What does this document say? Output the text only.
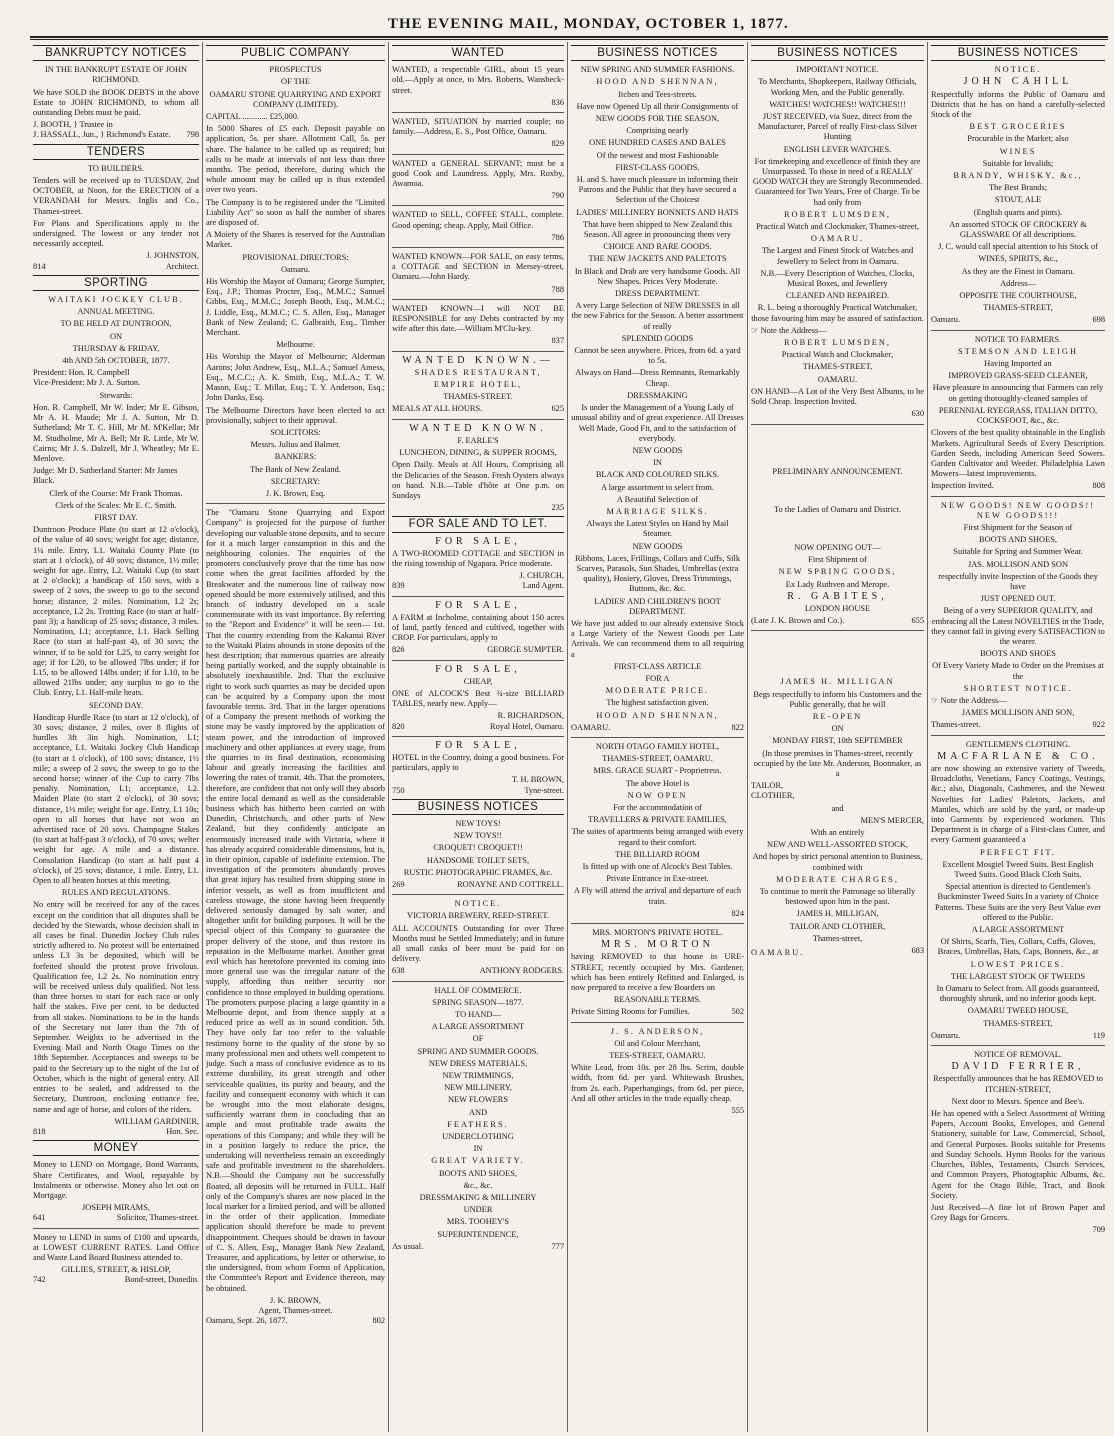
THE EVENING MAIL, MONDAY, OCTOBER 1, 1877.
BANKRUPTCY NOTICES
IN THE BANKRUPT ESTATE OF JOHN RICHMOND.

We have SOLD the BOOK DEBTS in the above Estate to JOHN RICHMOND, to whom all outstanding Debts must be paid.

J. BOOTH, } Trustee in
J. HASSALL, Jun., } Richmond's Estate. 798
TENDERS
TO BUILDERS.

Tenders will be received up to TUESDAY, 2nd OCTOBER, at Noon, for the ERECTION of a VERANDAH for Messrs. Inglis and Co., Thames-street.

For Plans and Specifications apply to the undersigned. The lowest or any tender not necessarily accepted.

J. JOHNSTON,
814	Architect.
SPORTING
WAITAKI JOCKEY CLUB.
ANNUAL MEETING.
TO BE HELD AT DUNTROON,
ON
THURSDAY & FRIDAY,
4th AND 5th OCTOBER, 1877.
President: Hon. R. Campbell
Vice-President: Mr J. A. Sutton.
Stewards:

Hon. R. Campbell, Mr W. Inder; Mr E. Gibson, Mr A. H. Maude; Mr J. A. Sutton, Mr D. Sutherland; Mr T. C. Hill, Mr M. M'Kellar; Mr M. Studholme, Mr A. Bell; Mr R. Little, Mr W. Cairns; Mr J. S. Dalzell, Mr J. Wheatley; Mr E. Menlove.

Judge: Mr D. Sutherland Starter: Mr James Black.
Clerk of the Course: Mr Frank Thomas.
Clerk of the Scales: Mr E. C. Smith.
FIRST DAY.

Duntroon Produce Plate (to start at 12 o'clock), of the value of 40 sovs; weight for age; distance, 1¼ mile. Entry, L1. Waitaki County Plate (to start at 1 o'clock), of 40 sovs; distance, 1½ mile; weight for age. Entry, L2. Waitaki Cup (to start at 2 o'clock); a handicap of 150 sovs, with a sweep of 2 sovs, the sweep to go to the second horse; distance, 2 miles. Nomination, L2 2s; acceptance, L2 2s. Trotting Race (to start at half-past 3); a handicap of 25 sovs; distance, 3 miles. Nomination, L1; acceptance, L1. Hack Selling Race (to start at half-past 4), of 30 sovs; the winner, if to be sold for L25, to carry weight for age; if for L20, to be allowed 7lbs under; if for L15, to be allowed 14lbs under; if for L10, to be allowed 21lbs under; any surplus to go to the Club. Entry, L1. Half-mile heats.

SECOND DAY.

Handicap Hurdle Race (to start at 12 o'clock), of 30 sovs; distance, 2 miles, over 8 flights of hurdles 3ft 3in high. Nomination, L1; acceptance, L1. Waitaki Jockey Club Handicap (to start at 1 o'clock), of 100 sovs; distance, 1½ mile; a sweep of 2 sovs, the sweep to go to the second horse; winner of the Cup to carry 7lbs penalty. Nomination, L1; acceptance, L2. Maiden Plate (to start 2 o'clock), of 30 sovs; distance, 1½ mile; weight for age. Entry, L1 10s; open to all horses that have not won an advertised race of 20 sovs. Champagne Stakes (to start at half-past 3 o'clock), of 70 sovs; welter weight for age. A mile and a distance. Consolation Handicap (to start at half past 4 o'clock), of 25 sovs; distance, 1 mile. Entry, L1. Open to all beaten horses at this meeting.

RULES AND REGULATIONS.

No entry will be received for any of the races except on the condition that all disputes shall be decided by the Stewards, whose decision shall in all cases be final. Dunedin Jockey Club rules strictly adhered to. No protest will be entertained unless L3 3s be deposited, which will be forfeited should the protest prove frivolous. Qualification fee, L2 2s. No nomination entry will be received unless duly qualified. Not less than three horses to start for each race or only half the stakes. Five per cent. to be deducted from all stakes. Nominations to be in the hands of the Secretary not later than the 7th of September. Weights to be advertised in the Evening Mail and North Otago Times on the 18th September. Acceptances and sweeps to be paid to the Secretary up to the night of the 1st of October, which is the night of general entry. All entries to be sealed, and addressed to the Secretary, Duntroon, enclosing entrance fee, name and age of horse, and colors of the riders.

WILLIAM GARDINER,
818	Hon. Sec.
MONEY

Money to LEND on Mortgage, Bond Warrants, Share Certificates, and Wool, repayable by Instalments or otherwise. Money also let out on Mortgage.

JOSEPH MIRAMS,
641	Solicitor, Thames-street.

Money to LEND in sums of £100 and upwards, at LOWEST CURRENT RATES. Land Office and Waste Land Board Business attended to.

GILLIES, STREET, & HISLOP,
742	Bond-street, Dunedin.
PUBLIC COMPANY
PROSPECTUS
OF THE
OAMARU STONE QUARRYING AND EXPORT COMPANY (LIMITED).
CAPITAL ............ £25,000.

In 5000 Shares of £5 each. Deposit payable on application, 5s. per share. Allotment Call, 5s. per share. The balance to be called up as required; but calls to be made at intervals of not less than three months. The period, therefore, during which the whole amount may be called up is thus extended over two years.

The Company is to be registered under the "Limited Liability Act" so soon as half the number of shares are disposed of.

A Moiety of the Shares is reserved for the Australian Market.

PROVISIONAL DIRECTORS:
Oamaru.

His Worship the Mayor of Oamaru; George Sumpter, Esq., J.P.; Thomas Procter, Esq., M.M.C.; Samuel Gibbs, Esq., M.M.C.; Joseph Booth, Esq., M.M.C.; J. Liddle, Esq., M.M.C.; C. S. Allen, Esq., Manager Bank of New Zealand; C. Galbraith, Esq., Timber Merchant.

Melbourne.

His Worship the Mayor of Melbourne; Alderman Aarons; John Andrew, Esq., M.L.A.; Samuel Amess, Esq., M.C.C.; A. K. Smith, Esq., M.L.A.; T. W. Mason, Esq.; T. Millar, Esq.; T. Y. Anderson, Esq.; John Danks, Esq.

The Melbourne Directors have been elected to act provisionally, subject to their approval.

SOLICITORS:
Messrs. Julius and Balmer.
BANKERS:
The Bank of New Zealand.
SECRETARY:
J. K. Brown, Esq.

The "Oamaru Stone Quarrying and Export Company" is projected for the purpose of further developing our valuable stone deposits, and to secure for it a much larger consumption in this and the neighbouring colonies. The enquiries of the promoters conclusively prove that the time has now come when the great facilities afforded by the Breakwater and the numerous line of railway now opened should be more extensively utilised, and this branch of industry developed on a scale commensurate with its vast importance. By referring to the "Report and Evidence" it will be seen— 1st. That the country extending from the Kakanui River to the Waitaki Plains abounds in stone deposits of the best description; that numerous quarries are already being partially worked, and the supply obtainable is absolutely inexhaustible. 2nd. That the exclusive right to work such quarries as may be decided upon can be acquired by a Company upon the most favourable terms. 3rd. That in the larger operations of a Company the present methods of working the stone may be vastly improved by the application of steam power, and the introduction of improved machinery and other appliances at every stage, from the quarries to its final destination, economising labour and greatly increasing the facilities and lowering the rates of transit. 4th. That the promoters, therefore, are confident that not only will they absorb the entire local demand as well as the considerable business which has hitherto been carried on with Dunedin, Christchurch, and other parts of New Zealand, but they confidently anticipate an enormously increased trade with Victoria, where it has already acquired considerable dimensions, but is, in their opinion, capable of indefinite extension. The investigation of the promoters abundantly proves that great injury has resulted from shipping stone in inferior vessels, as well as from insufficient and careless stowage, the stone having been frequently delivered seriously damaged by salt water, and altogether unfit for building purposes. It will be the special object of this Company to guarantee the proper delivery of the stone, and thus restore its reputation in the Melbourne market. Another great evil which has heretofore prevented its coming into more general use was the irregular nature of the supply, affording thus neither security nor confidence to those employed in building operations. The promoters purpose placing a large quantity in a Melbourne depot, and from thence supply at a reduced price as well as in sound condition. 5th. They have only far too refer to the valuable testimony borne to the quality of the stone by so many professional men and others well competent to judge. Such a mass of conclusive evidence as to its extreme durability, its great strength and other serviceable qualities, its purity and beauty, and the facility and consequent economy with which it can be wrought into the most elaborate designs, sufficiently warrant them in concluding that an ample and most profitable trade awaits the operations of this Company; and while they will be in a position largely to reduce the price, the undertaking will nevertheless remain an exceedingly safe and profitable investment to the shareholders. N.B.—Should the Company not be successfully floated, all deposits will be returned in FULL. Half only of the Company's shares are now placed in the local market for a limited period, and will be allotted in the order of their application. Immediate application should therefore be made to prevent disappointment. Cheques should be drawn in favour of C. S. Allen, Esq., Manager Bank New Zealand, Treasurer, and applications, by letter or otherwise, to the undersigned, from whom Forms of Application, the Committee's Report and Evidence thereon, may be obtained.

J. K. BROWN,
Agent, Thames-street.
Oamaru, Sept. 26, 1877.	802
WANTED

WANTED, a respectable GIRL, about 15 years old.—Apply at once, to Mrs. Roberts, Wansbeck-street.

836

WANTED, SITUATION by married couple; no family.—Address, E. S., Post Office, Oamaru.

829

WANTED a GENERAL SERVANT; must be a good Cook and Laundress. Apply, Mrs. Roxby, Awamoa.

790

WANTED to SELL, COFFEE STALL, complete. Good opening; cheap. Apply, Mail Office.

786

WANTED KNOWN—FOR SALE, on easy terms, a COTTAGE and SECTION in Mersey-street, Oamaru.—John Hardy.

788

WANTED KNOWN—I will NOT BE RESPONSIBLE for any Debts contracted by my wife after this date.—William M'Clu-key.

837
WANTED KNOWN.—
SHADES RESTAURANT,
EMPIRE HOTEL,
THAMES-STREET.
MEALS AT ALL HOURS.	625
WANTED KNOWN.
F. EARLE'S
LUNCHEON, DINING, & SUPPER ROOMS,

Open Daily. Meals at All Hours, Comprising all the Delicacies of the Season. Fresh Oysters always on hand. N.B.—Table d'hôte at One p.m. on Sundays

235
FOR SALE AND TO LET.
FOR SALE,

A TWO-ROOMED COTTAGE and SECTION in the rising township of Ngapara. Price moderate.

J. CHURCH,
839	Land Agent.
FOR SALE,

A FARM at Incholme, containing about 150 acres of land, partly fenced and cultived, together with CROP. For particulars, apply to

826	GEORGE SUMPTER.
FOR SALE,
CHEAP,

ONE of ALCOCK'S Best ¾-size BILLIARD TABLES, nearly new. Apply—

R. RICHARDSON,
820	Royal Hotel, Oamaru.
FOR SALE,

HOTEL in the Country, doing a good business. For particulars, apply to

T. H. BROWN,
750	Tyne-street.
BUSINESS NOTICES
NEW TOYS!
NEW TOYS!!
CROQUET! CROQUET!!
HANDSOME TOILET SETS,
RUSTIC PHOTOGRAPHIC FRAMES, &c.
269	RONAYNE AND COTTRELL.
NOTICE.
VICTORIA BREWERY, REED-STREET.

ALL ACCOUNTS Outstanding for over Three Months must be Settled Immediately; and in future all small casks of beer must be paid for on delivery.

638	ANTHONY RODGERS.
HALL OF COMMERCE.
SPRING SEASON—1877.
TO HAND—
A LARGE ASSORTMENT
OF
SPRING AND SUMMER GOODS.
NEW DRESS MATERIALS,
NEW TRIMMINGS,
NEW MILLINERY,
NEW FLOWERS
AND
FEATHERS.
UNDERCLOTHING
IN
GREAT VARIETY.
BOOTS AND SHOES,
&c., &c.
DRESSMAKING & MILLINERY
UNDER
MRS. TOOHEY'S
SUPERINTENDENCE,
As usual.	777
BUSINESS NOTICES
NEW SPRING AND SUMMER FASHIONS.
HOOD AND SHENNAN,
Itchen and Tees-streets.
Have now Opened Up all their Consignments of
NEW GOODS FOR THE SEASON,
Comprising nearly
ONE HUNDRED CASES AND BALES
Of the newest and most Fashionable
FIRST-CLASS GOODS.
H. and S. have much pleasure in informing their Patrons and the Public that they have secured a Selection of the Choicest
LADIES' MILLINERY BONNETS AND HATS
That have been shipped to New Zealand this Season. All agree in pronouncing them very
CHOICE AND RARE GOODS.
THE NEW JACKETS AND PALETOTS
In Black and Drab are very handsome Goods. All New Shapes. Prices Very Moderate.
DRESS DEPARTMENT.
A very Large Selection of NEW DRESSES in all the new Fabrics for the Season. A better assortment of really
SPLENDID GOODS
Cannot be seen anywhere. Prices, from 6d. a yard to 5s.
Always on Hand—Dress Remnants, Remarkably Cheap.
DRESSMAKING
Is under the Management of a Young Lady of unusual ability and of great experience. All Dresses Well Made, Good Fit, and to the satisfaction of everybody.
NEW GOODS
IN
BLACK AND COLOURED SILKS.
A large assortment to select from.
A Beautiful Selection of
MARRIAGE SILKS.
Always the Latest Styles on Hand by Mail Steamer.
NEW GOODS
Ribbons, Laces, Frillings, Collars and Cuffs, Silk Scarves, Parasols, Sun Shades, Umbrellas (extra quality), Hosiery, Gloves, Dress Trimmings, Buttons, &c. &c.
LADIES' AND CHILDREN'S BOOT DEPARTMENT.

We have just added to our already extensive Stock a Large Variety of the Newest Goods per Late Arrivals. We can recommend them to all requiring a

FIRST-CLASS ARTICLE
FOR A
MODERATE PRICE.
The highest satisfaction given.
HOOD AND SHENNAN,
OAMARU.	822
NORTH OTAGO FAMILY HOTEL,
THAMES-STREET, OAMARU.
MRS. GRACE SUART - Proprietress.
The above Hotel is
NOW OPEN
For the accommodation of
TRAVELLERS & PRIVATE FAMILIES,
The suites of apartments being arranged with every regard to their comfort.
THE BILLIARD ROOM
Is fitted up with one of Alcock's Best Tables.
Private Entrance in Exe-street.
A Fly will attend the arrival and departure of each train.
824
MRS. MORTON'S PRIVATE HOTEL.
MRS. MORTON

having REMOVED to that house in URE-STREET, recently occupied by Mrs. Gardener, which has been entirely Refitted and Enlarged, is now prepared to receive a few Boarders on

REASONABLE TERMS.
Private Sitting Rooms for Families.	502
J. S. ANDERSON,
Oil and Colour Merchant,
TEES-STREET, OAMARU.

White Lead, from 10s. per 28 lbs. Scrim, double width, from 6d. per yard. Whitewash Brushes, from 2s. each. Paperhangings, from 6d. per piece, And all other articles in the trade equally cheap.

555
BUSINESS NOTICES
IMPORTANT NOTICE.
To Merchants, Shopkeepers, Railway Officials, Working Men, and the Public generally.
WATCHES! WATCHES!! WATCHES!!!
JUST RECEIVED, via Suez, direct from the Manufacturer, Parcel of really First-class Silver Hunting
ENGLISH LEVER WATCHES.
For timekeeping and excellence of finish they are Unsurpassed. To those in need of a REALLY GOOD WATCH they are Strongly Recommended. Guaranteed for Two Years, Free of Charge. To be had only from
ROBERT LUMSDEN,
Practical Watch and Clockmaker, Thames-street,
OAMARU.
The Largest and Finest Stock of Watches and Jewellery to Select from in Oamaru.
N.B.—Every Description of Watches, Clocks, Musical Boxes, and Jewellery
CLEANED AND REPAIRED.
R. L. being a thoroughly Practical Watchmaker, those favouring him may be assured of satisfaction.
☞ Note the Address—
ROBERT LUMSDEN,
Practical Watch and Clockmaker,
THAMES-STREET,
OAMARU.

ON HAND—A Lot of the Very Best Albums, to be Sold Cheap. Inspection Invited.

630
PRELIMINARY ANNOUNCEMENT.
To the Ladies of Oamaru and District.
NOW OPENING OUT—
First Shipment of
NEW SPRING GOODS,
Ex Lady Ruthven and Merope.
R. GABITES,
LONDON HOUSE
(Late J. K. Brown and Co.).	655
JAMES H. MILLIGAN
Begs respectfully to inform his Customers and the Public generally, that he will
RE-OPEN
ON
MONDAY FIRST, 10th SEPTEMBER
(In those premises in Thames-street, recently occupied by the late Mr. Anderson, Bootmaker, as a
TAILOR,
CLOTHIER,
and
MEN'S MERCER,
With an entirely
NEW AND WELL-ASSORTED STOCK,
And hopes by strict personal attention to Business, combined with
MODERATE CHARGES,
To continue to merit the Patronage so liberally bestowed upon him in the past.
JAMES H. MILLIGAN,
TAILOR AND CLOTHIER,
Thames-street,
OAMARU.	683
BUSINESS NOTICES
NOTICE.
JOHN CAHILL

Respectfully informs the Public of Oamaru and Districts that he has on hand a carefully-selected Stock of the

BEST GROCERIES
Procurable in the Market; also
WINES
Suitable for Invalids;
BRANDY, WHISKY, &c.,
The Best Brands;
STOUT, ALE
(English quarts and pints).
An assorted STOCK OF CROCKERY & GLASSWARE Of all descriptions.
J. C. would call special attention to his Stock of
WINES, SPIRITS, &c.,
As they are the Finest in Oamaru.
Address—
OPPOSITE THE COURTHOUSE,
THAMES-STREET,
Oamaru.	698
NOTICE TO FARMERS.
STEMSON AND LEIGH
Having Imported an
IMPROVED GRASS-SEED CLEANER,
Have pleasure in announcing that Farmers can rely on getting thoroughly-cleaned samples of
PERENNIAL RYEGRASS, ITALIAN DITTO, COCKSFOOT, &c., &c.

Clovers of the best quality obtainable in the English Markets. Agricultural Seeds of Every Description. Garden Seeds, including American Seed Sowers. Garden Cultivator and Weeder. Philadelphia Lawn Mowers—latest improvements.

Inspection Invited.	808
NEW GOODS! NEW GOODS!! NEW GOODS!!!
First Shipment for the Season of
BOOTS AND SHOES,
Suitable for Spring and Summer Wear.
JAS. MOLLISON AND SON
respectfully invite Inspection of the Goods they have
JUST OPENED OUT.
Being of a very SUPERIOR QUALITY, and embracing all the Latest NOVELTIES in the Trade, they cannot fail in giving every SATISFACTION to the wearer.
BOOTS AND SHOES
Of Every Variety Made to Order on the Premises at the
SHORTEST NOTICE.
☞ Note the Address—
JAMES MOLLISON AND SON,
Thames-street.	922
GENTLEMEN'S CLOTHING.
MACFARLANE & CO.

are now showing an extensive variety of Tweeds, Broadcloths, Venetians, Fancy Coatings, Vestings, &c.; also, Diagonals, Cashmeres, and the Newest Novelties for Ladies' Paletots, Jackets, and Mantles, which are sold by the yard, or made-up into Garments by experienced workmen. This Department is in charge of a First-class Cutter, and every Garment guaranteed a

PERFECT FIT.
Excellent Mosgiel Tweed Suits. Best English Tweed Suits. Good Black Cloth Suits.
Special attention is directed to Gentlemen's Buckminster Tweed Suits In a variety of Choice Patterns. These Suits are the very Best Value ever offered to the Public.
A LARGE ASSORTMENT
Of Shirts, Scarfs, Ties, Collars, Cuffs, Gloves, Braces, Umbrellas, Hats, Caps, Bonnets, &c., at
LOWEST PRICES.
THE LARGEST STOCK OF TWEEDS
In Oamaru to Select from. All goods guaranteed, thoroughly shrunk, and no inferior goods kept.
OAMARU TWEED HOUSE,
THAMES-STREET,
Oamaru.	119
NOTICE OF REMOVAL.
DAVID FERRIER,
Respectfully announces that he has REMOVED to ITCHEN-STREET,
Next door to Messrs. Spence and Bee's.

He has opened with a Select Assortment of Writing Papers, Account Books, Envelopes, and General Stationery, suitable for Law, Commercial, School, and General Purposes. Books suitable for Presents and Sunday Schools. Hymn Books for the various Churches, Bibles, Testaments, Church Services, and Common Prayers, Photographic Albums, &c. Agent for the Otago Bible, Tract, and Book Society.

Just Received—A fine lot of Brown Paper and Grey Bags for Grocers.

709
